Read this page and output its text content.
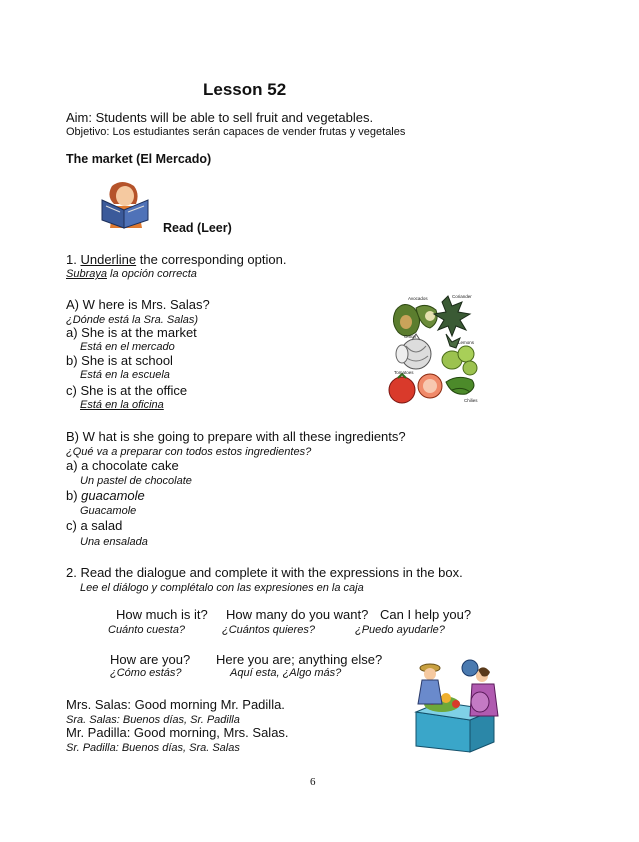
Lesson 52
Aim: Students will be able to sell fruit and vegetables.
Objetivo: Los estudiantes serán capaces de vender frutas y vegetales
The market (El Mercado)
Read (Leer)
1. Underline the corresponding option.
Subraya la opción correcta
A) W here is Mrs. Salas?
¿Dónde está la Sra. Salas)
a) She is at the market
Está en el mercado
b) She is at school
Está en la escuela
c) She is at the office
Está en la oficina
Avocados	Coriander
Onion
Lemons
Tomatoes
Chilies
B) W hat is she going to prepare with all these ingredients?
¿Qué va a preparar con todos estos ingredientes?
a) a chocolate cake
Un pastel de chocolate
b) guacamole
Guacamole
c) a salad
Una ensalada
2. Read the dialogue and complete it with the expressions in the box.
Lee el diálogo y complétalo con las expresiones en la caja
How much is it?
Cuánto cuesta?
How many do you want?
¿Cuántos quieres?
Can I help you?
¿Puedo ayudarle?
How are you?
¿Cómo estás?
Here you are; anything else?
Aquí esta, ¿Algo más?
Mrs. Salas: Good morning Mr. Padilla.
Sra. Salas: Buenos días, Sr. Padilla
Mr. Padilla: Good morning, Mrs. Salas.
Sr. Padilla: Buenos días, Sra. Salas
6
